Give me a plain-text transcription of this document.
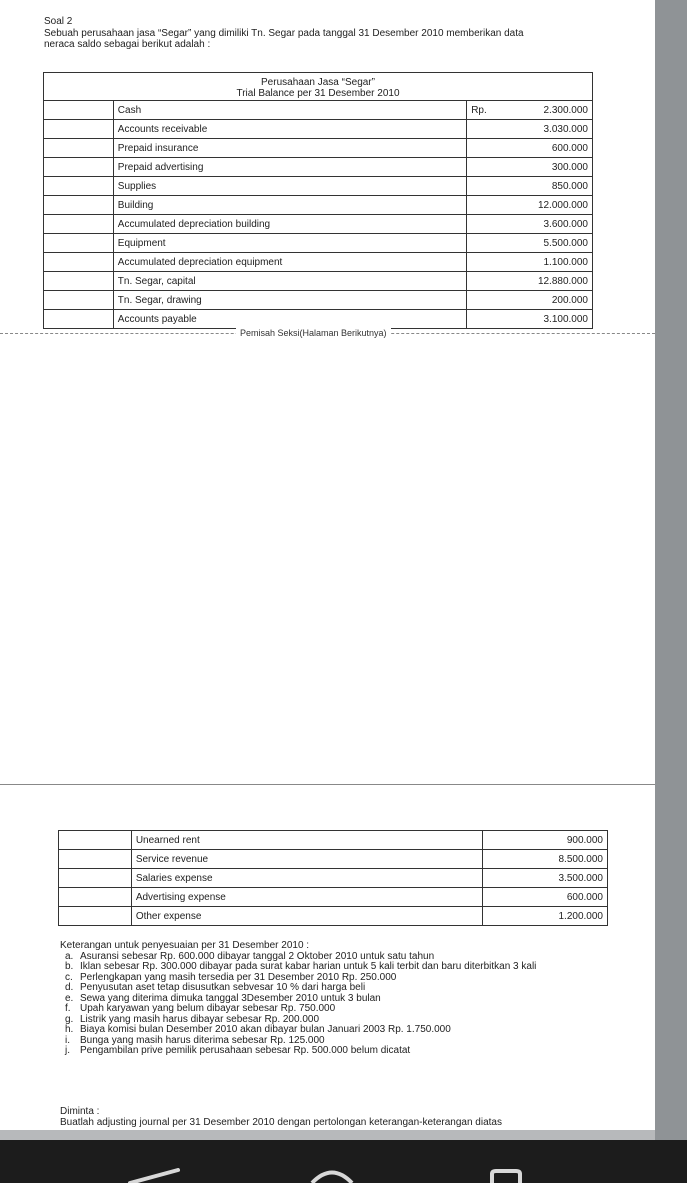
Soal 2
Sebuah perusahaan jasa “Segar” yang dimiliki Tn. Segar pada tanggal 31 Desember 2010 memberikan data
neraca saldo sebagai berikut adalah :
Perusahaan Jasa “Segar”
Trial Balance per 31 Desember 2010		

	Cash	Rp. 2.300.000
	Accounts receivable	3.030.000
	Prepaid insurance	600.000
	Prepaid advertising	300.000
	Supplies	850.000
	Building	12.000.000
	Accumulated depreciation building	3.600.000
	Equipment	5.500.000
	Accumulated depreciation equipment	1.100.000
	Tn. Segar, capital	12.880.000
	Tn. Segar, drawing	200.000
	Accounts payable	3.100.000
Pemisah Seksi(Halaman Berikutnya)
	Unearned rent	900.000
	Service revenue	8.500.000
	Salaries expense	3.500.000
	Advertising expense	600.000
	Other expense	1.200.000
Keterangan untuk penyesuaian per 31 Desember 2010 :
a. Asuransi sebesar Rp. 600.000 dibayar tanggal 2 Oktober 2010 untuk satu tahun
b. Iklan sebesar Rp. 300.000 dibayar pada surat kabar harian untuk 5 kali terbit dan baru diterbitkan 3 kali
c. Perlengkapan yang masih tersedia per 31 Desember 2010 Rp. 250.000
d. Penyusutan aset tetap disusutkan sebvesar 10 % dari harga beli
e. Sewa yang diterima dimuka tanggal 3Desember 2010 untuk 3 bulan
f. Upah karyawan yang belum dibayar sebesar Rp. 750.000
g. Listrik yang masih harus dibayar sebesar Rp. 200.000
h. Biaya komisi bulan Desember 2010 akan dibayar bulan Januari 2003 Rp. 1.750.000
i. Bunga yang masih harus diterima sebesar Rp. 125.000
j. Pengambilan prive pemilik perusahaan sebesar Rp. 500.000 belum dicatat
Diminta :
Buatlah adjusting journal per 31 Desember 2010 dengan pertolongan keterangan-keterangan diatas
